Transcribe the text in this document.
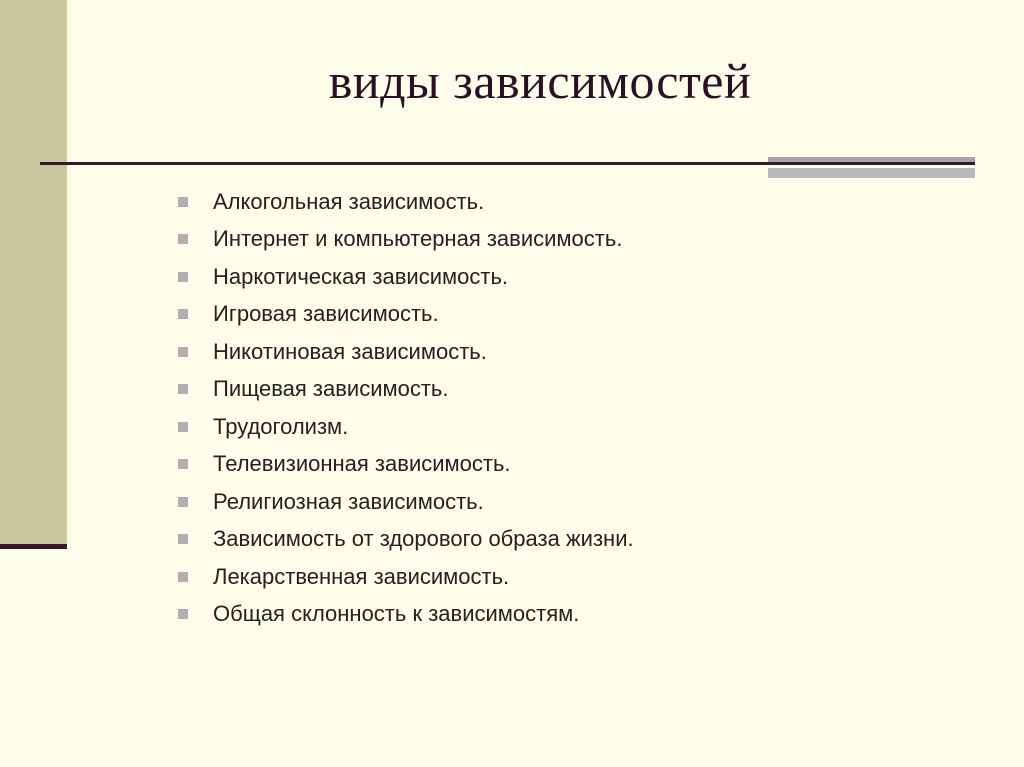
виды зависимостей
Алкогольная зависимость.
Интернет и компьютерная зависимость.
Наркотическая зависимость.
Игровая зависимость.
Никотиновая зависимость.
Пищевая зависимость.
Трудоголизм.
Телевизионная зависимость.
Религиозная зависимость.
Зависимость от здорового образа жизни.
Лекарственная зависимость.
Общая склонность к зависимостям.
